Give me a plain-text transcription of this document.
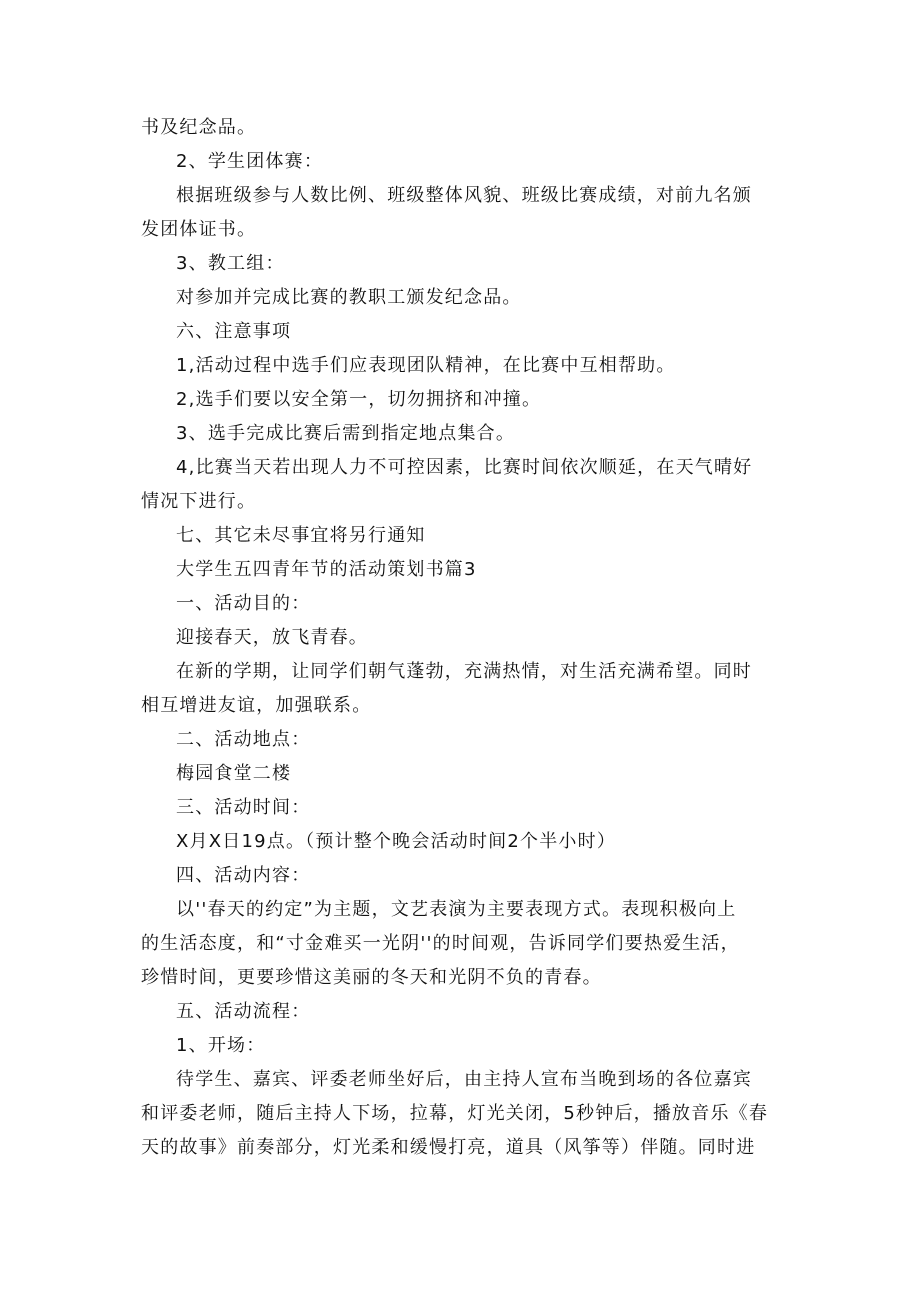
书及纪念品。
2、学生团体赛：
根据班级参与人数比例、班级整体风貌、班级比赛成绩，对前九名颁
发团体证书。
3、教工组：
对参加并完成比赛的教职工颁发纪念品。
六、注意事项
1,活动过程中选手们应表现团队精神，在比赛中互相帮助。
2,选手们要以安全第一，切勿拥挤和冲撞。
3、选手完成比赛后需到指定地点集合。
4,比赛当天若出现人力不可控因素，比赛时间依次顺延，在天气晴好
情况下进行。
七、其它未尽事宜将另行通知
大学生五四青年节的活动策划书篇3
一、活动目的：
迎接春天，放飞青春。
在新的学期，让同学们朝气蓬勃，充满热情，对生活充满希望。同时
相互增进友谊，加强联系。
二、活动地点：
梅园食堂二楼
三、活动时间：
X月X日19点。（预计整个晚会活动时间2个半小时）
四、活动内容：
以''春天的约定”为主题，文艺表演为主要表现方式。表现积极向上
的生活态度，和“寸金难买一光阴''的时间观，告诉同学们要热爱生活，
珍惜时间，更要珍惜这美丽的冬天和光阴不负的青春。
五、活动流程：
1、开场：
待学生、嘉宾、评委老师坐好后，由主持人宣布当晚到场的各位嘉宾
和评委老师，随后主持人下场，拉幕，灯光关闭，5秒钟后，播放音乐《春
天的故事》前奏部分，灯光柔和缓慢打亮，道具（风筝等）伴随。同时进
